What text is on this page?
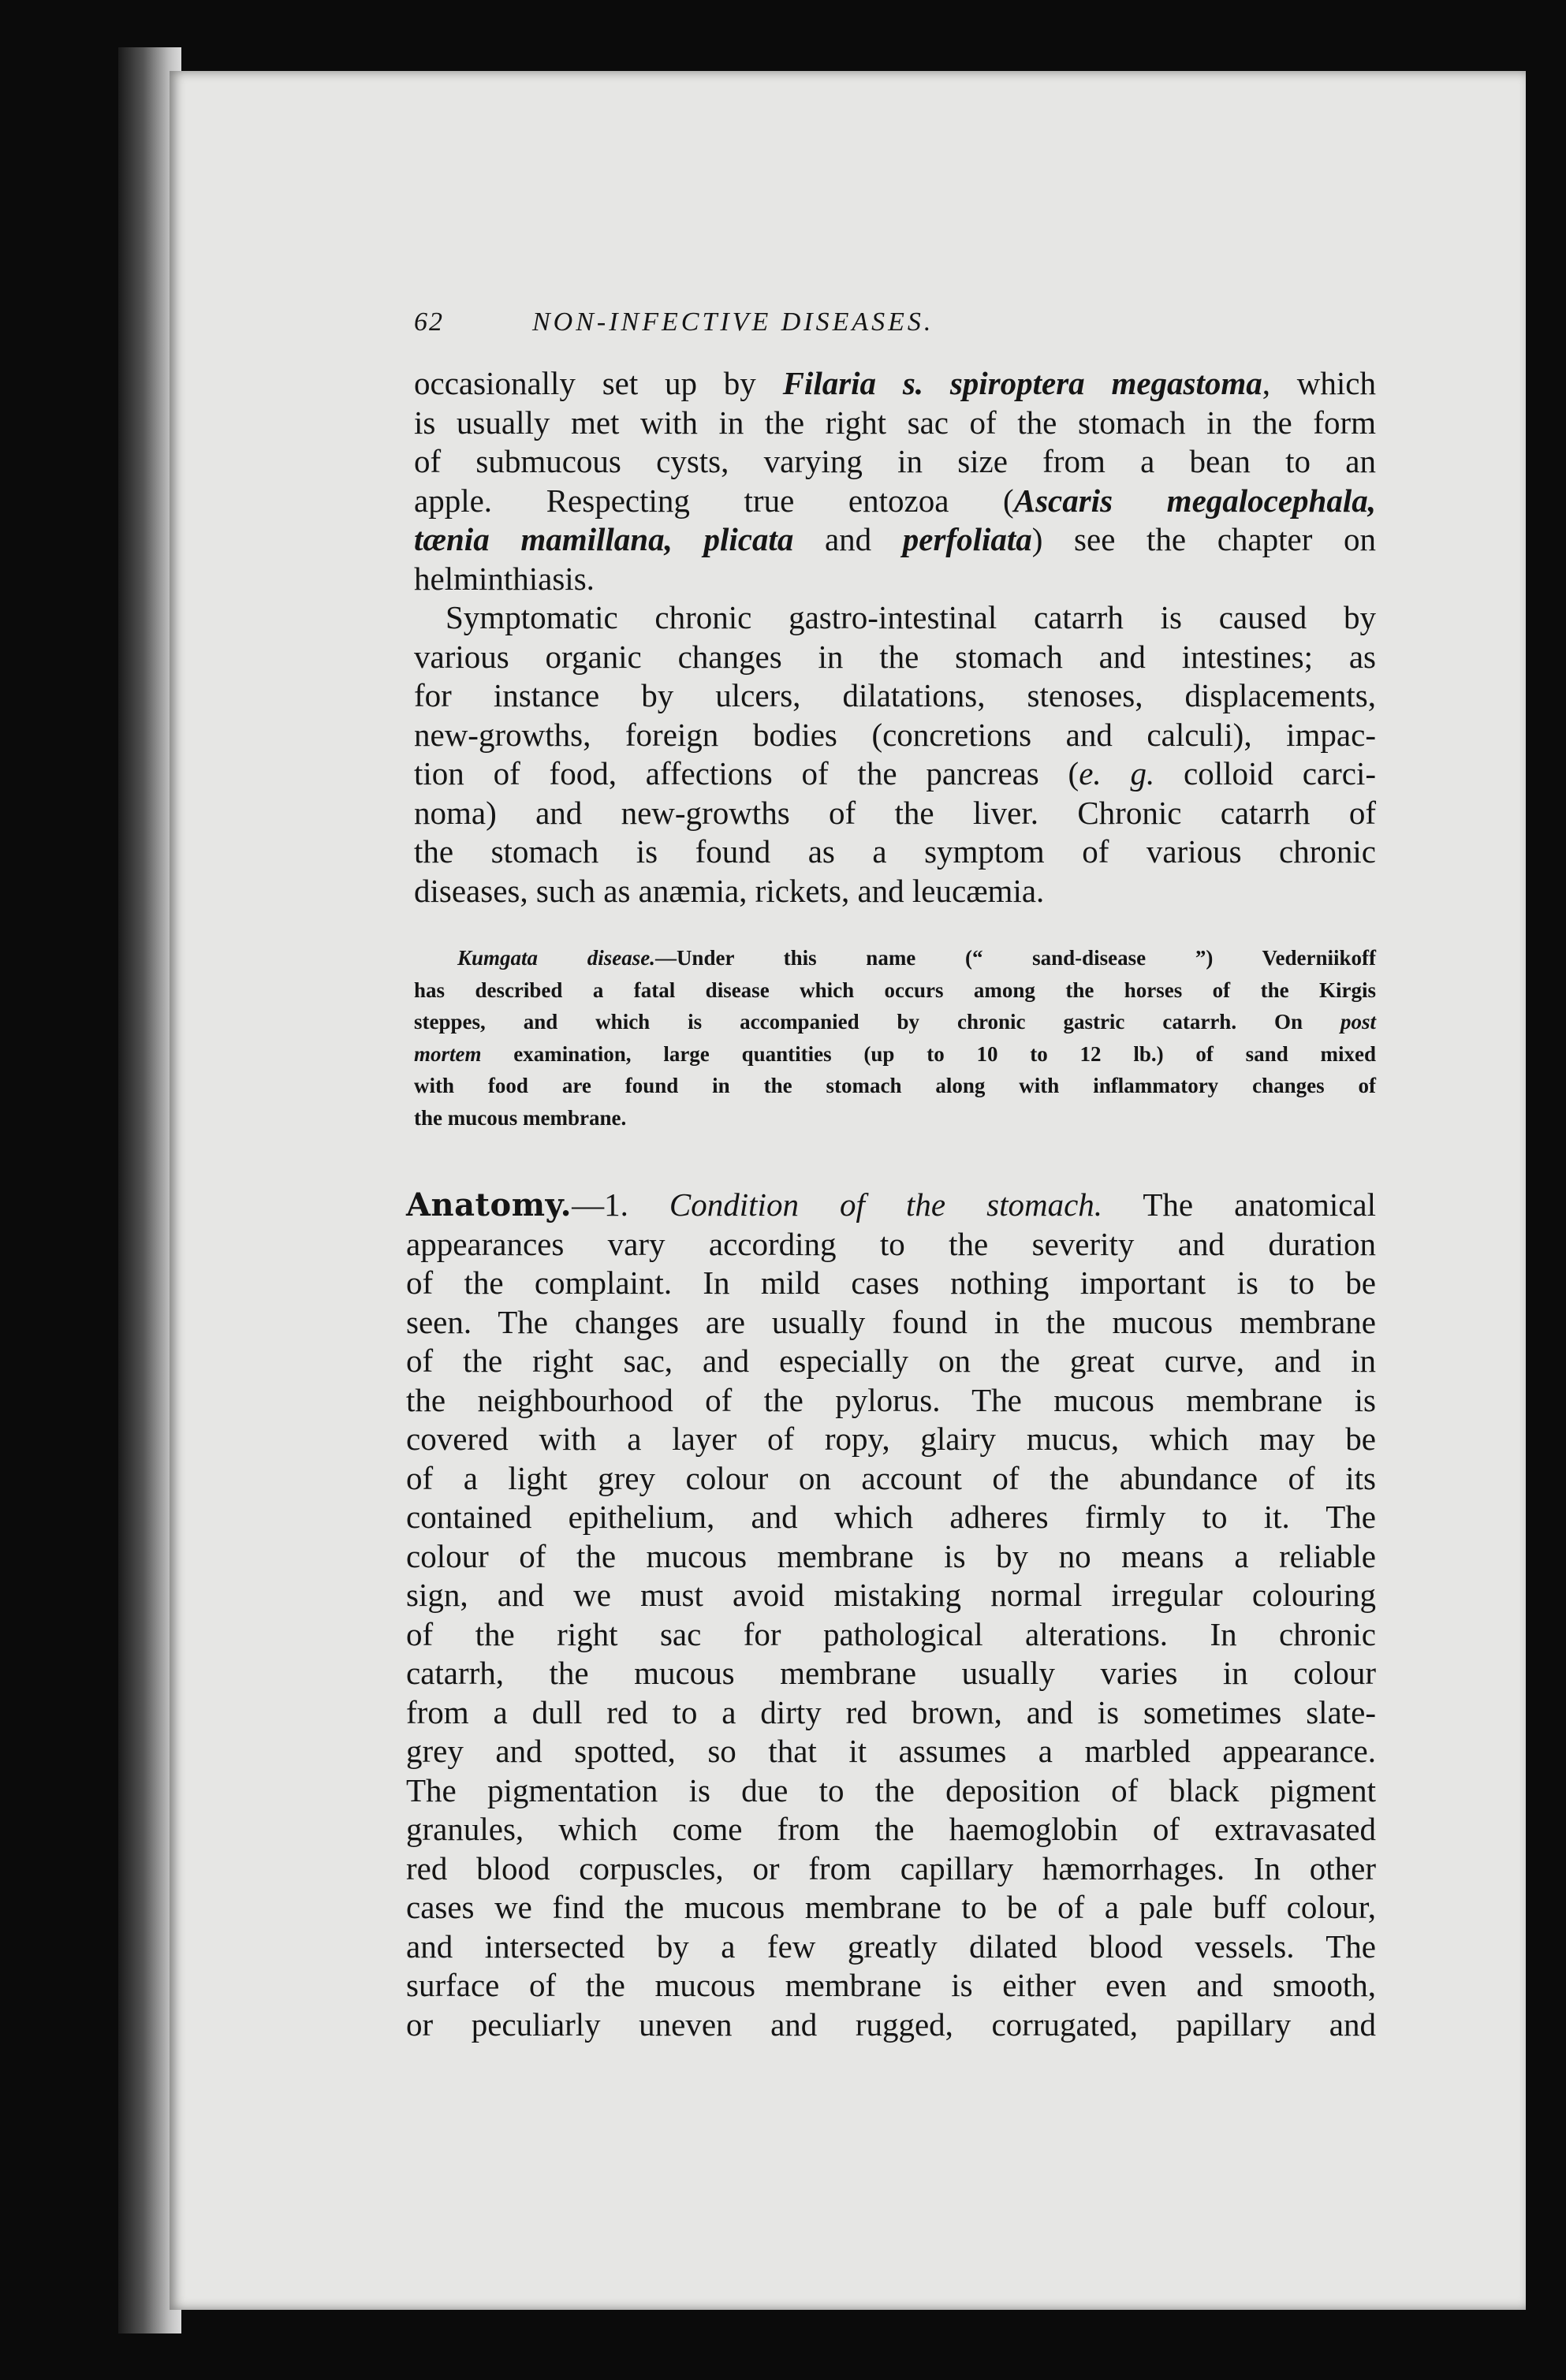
62	NON-INFECTIVE DISEASES.
occasionally set up by Filaria s. spiroptera megastoma, which
is usually met with in the right sac of the stomach in the form
of submucous cysts, varying in size from a bean to an
apple. Respecting true entozoa (Ascaris megalocephala,
tænia mamillana, plicata and perfoliata) see the chapter on
helminthiasis.
Symptomatic chronic gastro-intestinal catarrh is caused by
various organic changes in the stomach and intestines; as
for instance by ulcers, dilatations, stenoses, displacements,
new-growths, foreign bodies (concretions and calculi), impac-
tion of food, affections of the pancreas (e. g. colloid carci-
noma) and new-growths of the liver. Chronic catarrh of
the stomach is found as a symptom of various chronic
diseases, such as anæmia, rickets, and leucæmia.
Kumgata disease.—Under this name (“ sand-disease ”) Vederniikoff
has described a fatal disease which occurs among the horses of the Kirgis
steppes, and which is accompanied by chronic gastric catarrh. On post
mortem examination, large quantities (up to 10 to 12 lb.) of sand mixed
with food are found in the stomach along with inflammatory changes of
the mucous membrane.
Anatomy.—1. Condition of the stomach. The anatomical
appearances vary according to the severity and duration
of the complaint. In mild cases nothing important is to be
seen. The changes are usually found in the mucous membrane
of the right sac, and especially on the great curve, and in
the neighbourhood of the pylorus. The mucous membrane is
covered with a layer of ropy, glairy mucus, which may be
of a light grey colour on account of the abundance of its
contained epithelium, and which adheres firmly to it. The
colour of the mucous membrane is by no means a reliable
sign, and we must avoid mistaking normal irregular colouring
of the right sac for pathological alterations. In chronic
catarrh, the mucous membrane usually varies in colour
from a dull red to a dirty red brown, and is sometimes slate-
grey and spotted, so that it assumes a marbled appearance.
The pigmentation is due to the deposition of black pigment
granules, which come from the haemoglobin of extravasated
red blood corpuscles, or from capillary hæmorrhages. In other
cases we find the mucous membrane to be of a pale buff colour,
and intersected by a few greatly dilated blood vessels. The
surface of the mucous membrane is either even and smooth,
or peculiarly uneven and rugged, corrugated, papillary and
